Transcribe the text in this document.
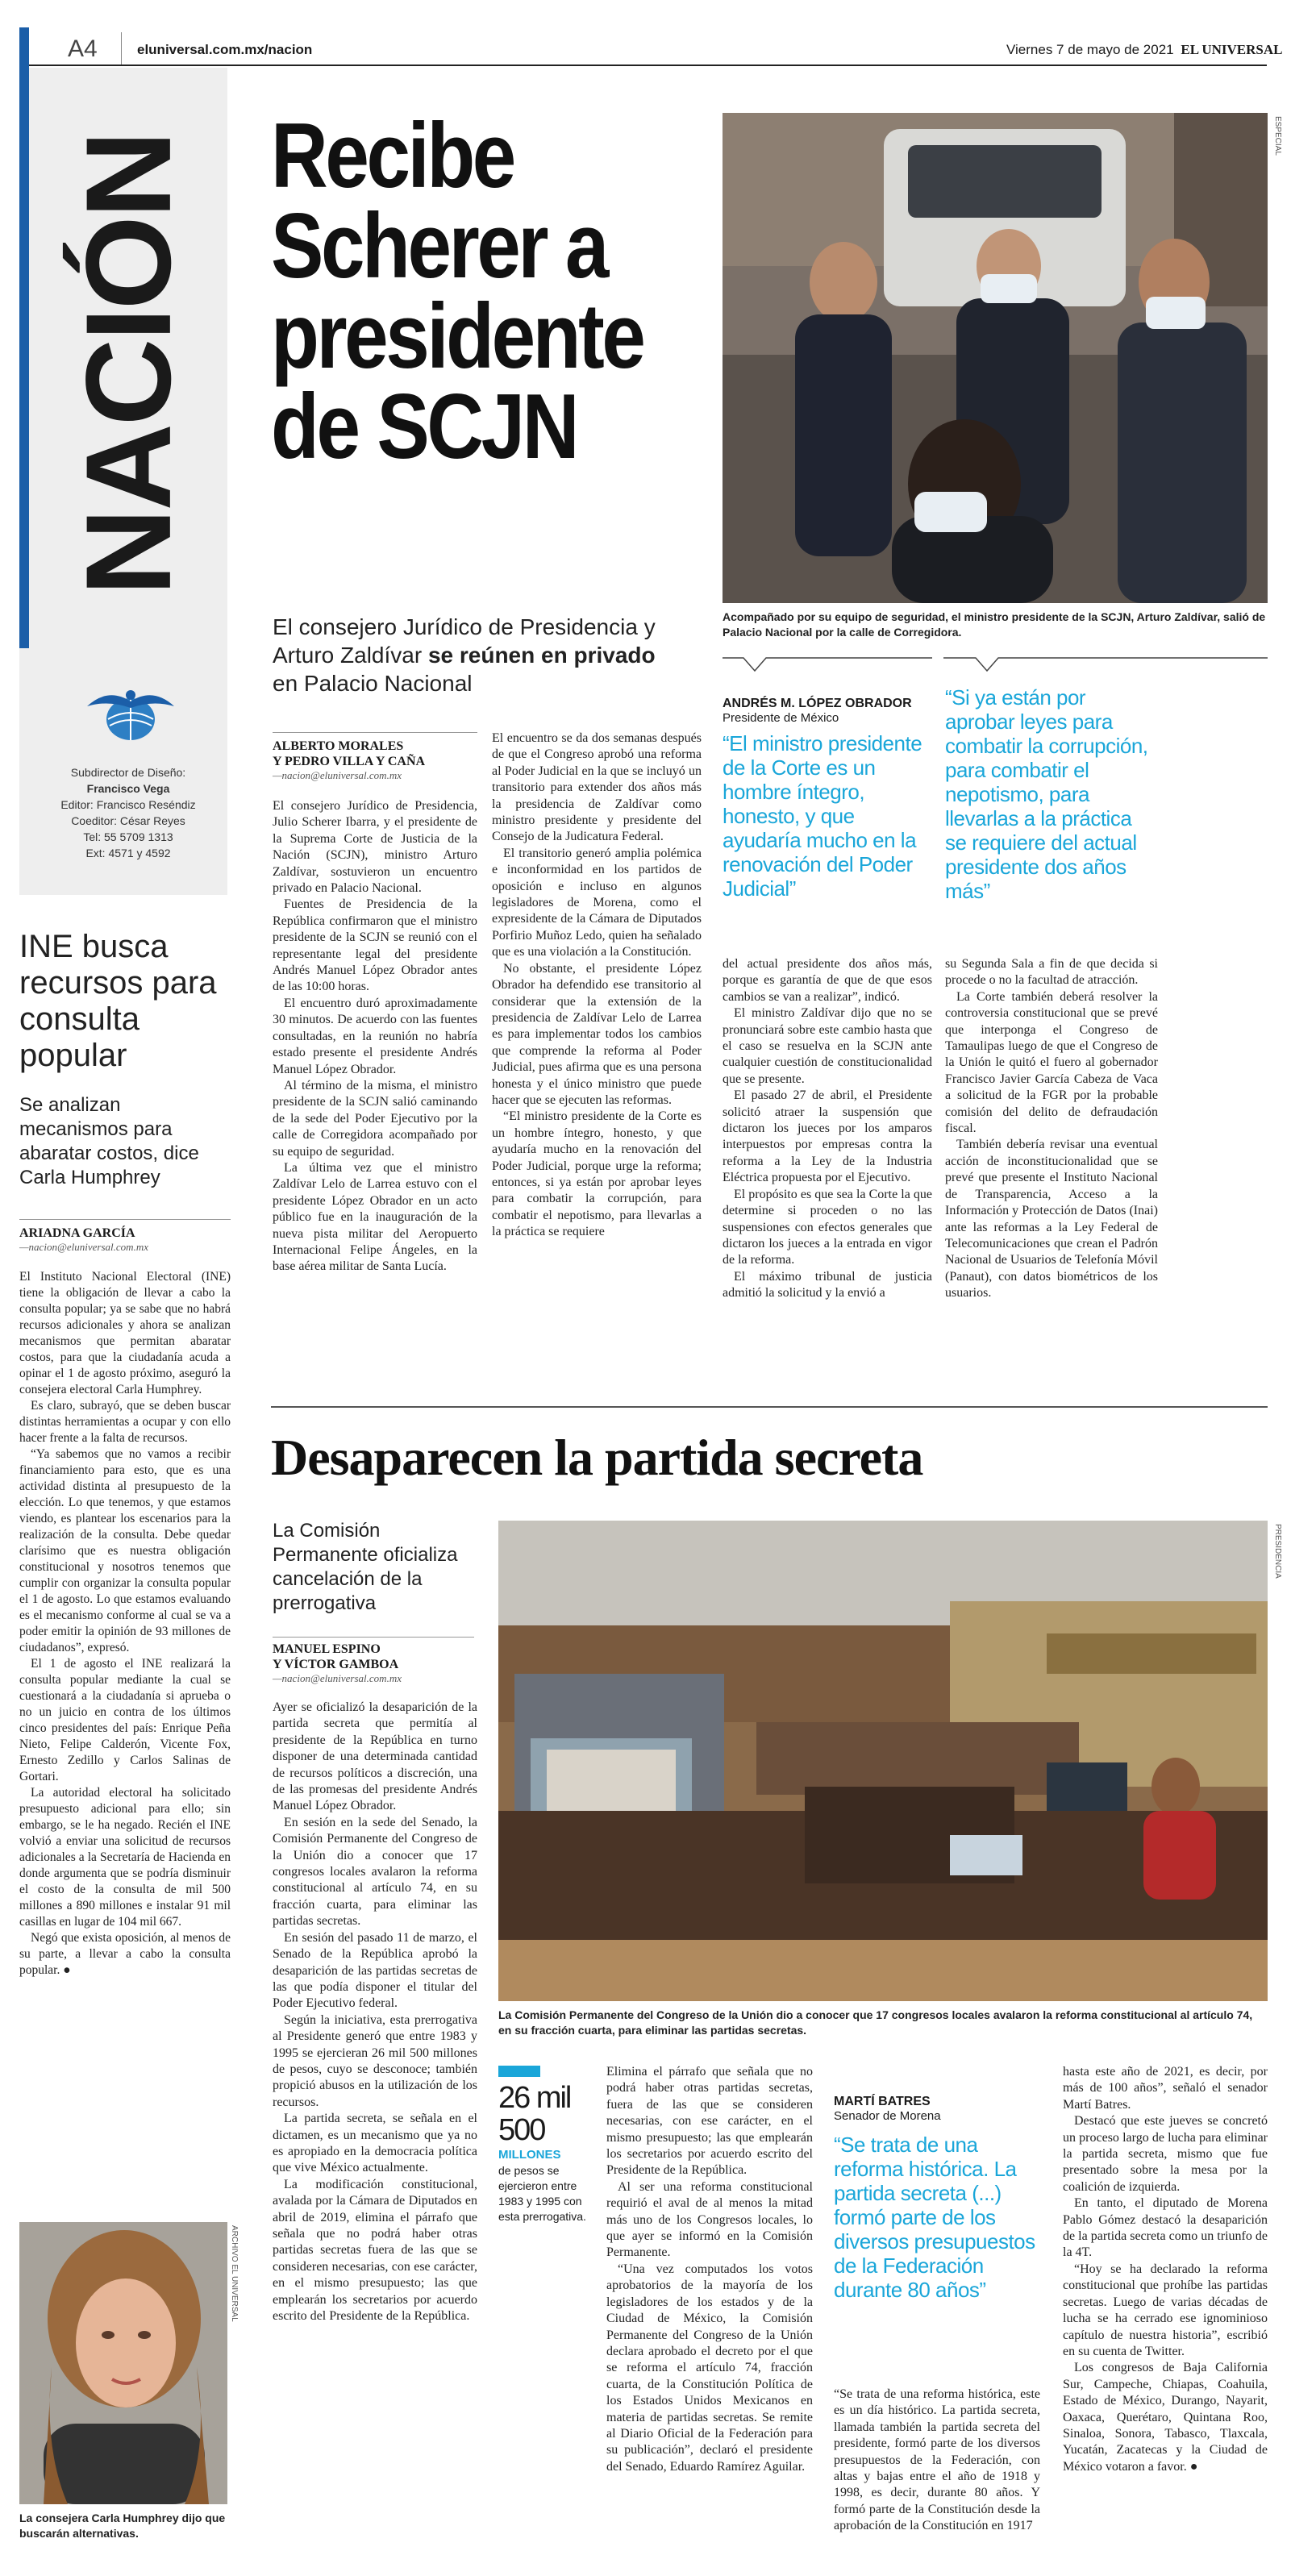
A4	eluniversal.com.mx/nacion	Viernes 7 de mayo de 2021 EL UNIVERSAL
NACIÓN
Subdirector de Diseño:
Francisco Vega
Editor: Francisco Reséndiz
Coeditor: César Reyes
Tel: 55 5709 1313
Ext: 4571 y 4592
Recibe
Scherer a
presidente
de SCJN
El consejero Jurídico de Presidencia y Arturo Zaldívar se reúnen en privado en Palacio Nacional
ESPECIAL
Acompañado por su equipo de seguridad, el ministro presidente de la SCJN, Arturo Zaldívar, salió de Palacio Nacional por la calle de Corregidora.
ALBERTO MORALES
Y PEDRO VILLA Y CAÑA
—nacion@eluniversal.com.mx

El consejero Jurídico de Presidencia, Julio Scherer Ibarra, y el presidente de la Suprema Corte de Justicia de la Nación (SCJN), ministro Arturo Zaldívar, sostuvieron un encuentro privado en Palacio Nacional.

Fuentes de Presidencia de la República confirmaron que el ministro presidente de la SCJN se reunió con el representante legal del presidente Andrés Manuel López Obrador antes de las 10:00 horas.

El encuentro duró aproximadamente 30 minutos. De acuerdo con las fuentes consultadas, en la reunión no habría estado presente el presidente Andrés Manuel López Obrador.

Al término de la misma, el ministro presidente de la SCJN salió caminando de la sede del Poder Ejecutivo por la calle de Corregidora acompañado por su equipo de seguridad.

La última vez que el ministro Zaldívar Lelo de Larrea estuvo con el presidente López Obrador en un acto público fue en la inauguración de la nueva pista militar del Aeropuerto Internacional Felipe Ángeles, en la base aérea militar de Santa Lucía.

El encuentro se da dos semanas después de que el Congreso aprobó una reforma al Poder Judicial en la que se incluyó un transitorio para extender dos años más la presidencia de Zaldívar como ministro presidente y presidente del Consejo de la Judicatura Federal.

El transitorio generó amplia polémica e inconformidad en los partidos de oposición e incluso en algunos legisladores de Morena, como el expresidente de la Cámara de Diputados Porfirio Muñoz Ledo, quien ha señalado que es una violación a la Constitución.

No obstante, el presidente López Obrador ha defendido ese transitorio al considerar que la extensión de la presidencia de Zaldívar Lelo de Larrea es para implementar todos los cambios que comprende la reforma al Poder Judicial, pues afirma que es una persona honesta y el único ministro que puede hacer que se ejecuten las reformas.

“El ministro presidente de la Corte es un hombre íntegro, honesto, y que ayudaría mucho en la renovación del Poder Judicial, porque urge la reforma; entonces, si ya están por aprobar leyes para combatir la corrupción, para combatir el nepotismo, para llevarlas a la práctica se requiere

ANDRÉS M. LÓPEZ OBRADOR
Presidente de México
“El ministro presidente de la Corte es un hombre íntegro, honesto, y que ayudaría mucho en la renovación del Poder Judicial”
“Si ya están por aprobar leyes para combatir la corrupción, para combatir el nepotismo, para llevarlas a la práctica se requiere del actual presidente dos años más”

del actual presidente dos años más, porque es garantía de que de que esos cambios se van a realizar”, indicó.

El ministro Zaldívar dijo que no se pronunciará sobre este cambio hasta que el caso se resuelva en la SCJN ante cualquier cuestión de constitucionalidad que se presente.

El pasado 27 de abril, el Presidente solicitó atraer la suspensión que dictaron los jueces por los amparos interpuestos por empresas contra la reforma a la Ley de la Industria Eléctrica propuesta por el Ejecutivo.

El propósito es que sea la Corte la que determine si proceden o no las suspensiones con efectos generales que dictaron los jueces a la entrada en vigor de la reforma.

El máximo tribunal de justicia admitió la solicitud y la envió a

su Segunda Sala a fin de que decida si procede o no la facultad de atracción.

La Corte también deberá resolver la controversia constitucional que se prevé que interponga el Congreso de Tamaulipas luego de que el Congreso de la Unión le quitó el fuero al gobernador Francisco Javier García Cabeza de Vaca a solicitud de la FGR por la probable comisión del delito de defraudación fiscal.

También debería revisar una eventual acción de inconstitucionalidad que se prevé que presente el Instituto Nacional de Transparencia, Acceso a la Información y Protección de Datos (Inai) ante las reformas a la Ley Federal de Telecomunicaciones que crean el Padrón Nacional de Usuarios de Telefonía Móvil (Panaut), con datos biométricos de los usuarios.

INE busca recursos para consulta popular
Se analizan mecanismos para abaratar costos, dice Carla Humphrey
ARIADNA GARCÍA
—nacion@eluniversal.com.mx

El Instituto Nacional Electoral (INE) tiene la obligación de llevar a cabo la consulta popular; ya se sabe que no habrá recursos adicionales y ahora se analizan mecanismos que permitan abaratar costos, para que la ciudadanía acuda a opinar el 1 de agosto próximo, aseguró la consejera electoral Carla Humphrey.

Es claro, subrayó, que se deben buscar distintas herramientas a ocupar y con ello hacer frente a la falta de recursos.

“Ya sabemos que no vamos a recibir financiamiento para esto, que es una actividad distinta al presupuesto de la elección. Lo que tenemos, y que estamos viendo, es plantear los escenarios para la realización de la consulta. Debe quedar clarísimo que es nuestra obligación constitucional y nosotros tenemos que cumplir con organizar la consulta popular el 1 de agosto. Lo que estamos evaluando es el mecanismo conforme al cual se va a poder emitir la opinión de 93 millones de ciudadanos”, expresó.

El 1 de agosto el INE realizará la consulta popular mediante la cual se cuestionará a la ciudadanía si aprueba o no un juicio en contra de los últimos cinco presidentes del país: Enrique Peña Nieto, Felipe Calderón, Vicente Fox, Ernesto Zedillo y Carlos Salinas de Gortari.

La autoridad electoral ha solicitado presupuesto adicional para ello; sin embargo, se le ha negado. Recién el INE volvió a enviar una solicitud de recursos adicionales a la Secretaría de Hacienda en donde argumenta que se podría disminuir el costo de la consulta de mil 500 millones a 890 millones e instalar 91 mil casillas en lugar de 104 mil 667.

Negó que exista oposición, al menos de su parte, a llevar a cabo la consulta popular. ●

ARCHIVO EL UNIVERSAL
La consejera Carla Humphrey dijo que buscarán alternativas.
Desaparecen la partida secreta
La Comisión Permanente oficializa cancelación de la prerrogativa
PRESIDENCIA
La Comisión Permanente del Congreso de la Unión dio a conocer que 17 congresos locales avalaron la reforma constitucional al artículo 74, en su fracción cuarta, para eliminar las partidas secretas.
MANUEL ESPINO
Y VÍCTOR GAMBOA
—nacion@eluniversal.com.mx

Ayer se oficializó la desaparición de la partida secreta que permitía al presidente de la República en turno disponer de una determinada cantidad de recursos políticos a discreción, una de las promesas del presidente Andrés Manuel López Obrador.

En sesión en la sede del Senado, la Comisión Permanente del Congreso de la Unión dio a conocer que 17 congresos locales avalaron la reforma constitucional al artículo 74, en su fracción cuarta, para eliminar las partidas secretas.

En sesión del pasado 11 de marzo, el Senado de la República aprobó la desaparición de las partidas secretas de las que podía disponer el titular del Poder Ejecutivo federal.

Según la iniciativa, esta prerrogativa al Presidente generó que entre 1983 y 1995 se ejercieran 26 mil 500 millones de pesos, cuyo se desconoce; también propició abusos en la utilización de los recursos.

La partida secreta, se señala en el dictamen, es un mecanismo que ya no es apropiado en la democracia política que vive México actualmente.

La modificación constitucional, avalada por la Cámara de Diputados en abril de 2019, elimina el párrafo que señala que no podrá haber otras partidas secretas fuera de las que se consideren necesarias, con ese carácter, en el mismo presupuesto; las que emplearán los secretarios por acuerdo escrito del Presidente de la República.

26 mil 500
MILLONES
de pesos se ejercieron entre 1983 y 1995 con esta prerrogativa.

Elimina el párrafo que señala que no podrá haber otras partidas secretas, fuera de las que se consideren necesarias, con ese carácter, en el mismo presupuesto; las que emplearán los secretarios por acuerdo escrito del Presidente de la República.

Al ser una reforma constitucional requirió el aval de al menos la mitad más uno de los Congresos locales, lo que ayer se informó en la Comisión Permanente.

“Una vez computados los votos aprobatorios de la mayoría de los legisladores de los estados y de la Ciudad de México, la Comisión Permanente del Congreso de la Unión declara aprobado el decreto por el que se reforma el artículo 74, fracción cuarta, de la Constitución Política de los Estados Unidos Mexicanos en materia de partidas secretas. Se remite al Diario Oficial de la Federación para su publicación”, declaró el presidente del Senado, Eduardo Ramírez Aguilar.

MARTÍ BATRES
Senador de Morena
“Se trata de una reforma histórica. La partida secreta (...) formó parte de los diversos presupuestos de la Federación durante 80 años”

“Se trata de una reforma histórica, este es un día histórico. La partida secreta, llamada también la partida secreta del presidente, formó parte de los diversos presupuestos de la Federación, con altas y bajas entre el año de 1918 y 1998, es decir, durante 80 años. Y formó parte de la Constitución desde la aprobación de la Constitución en 1917

hasta este año de 2021, es decir, por más de 100 años”, señaló el senador Martí Batres.

Destacó que este jueves se concretó un proceso largo de lucha para eliminar la partida secreta, mismo que fue presentado sobre la mesa por la coalición de izquierda.

En tanto, el diputado de Morena Pablo Gómez destacó la desaparición de la partida secreta como un triunfo de la 4T.

“Hoy se ha declarado la reforma constitucional que prohíbe las partidas secretas. Luego de varias décadas de lucha se ha cerrado ese ignominioso capítulo de nuestra historia”, escribió en su cuenta de Twitter.

Los congresos de Baja California Sur, Campeche, Chiapas, Coahuila, Estado de México, Durango, Nayarit, Oaxaca, Querétaro, Quintana Roo, Sinaloa, Sonora, Tabasco, Tlaxcala, Yucatán, Zacatecas y la Ciudad de México votaron a favor. ●
